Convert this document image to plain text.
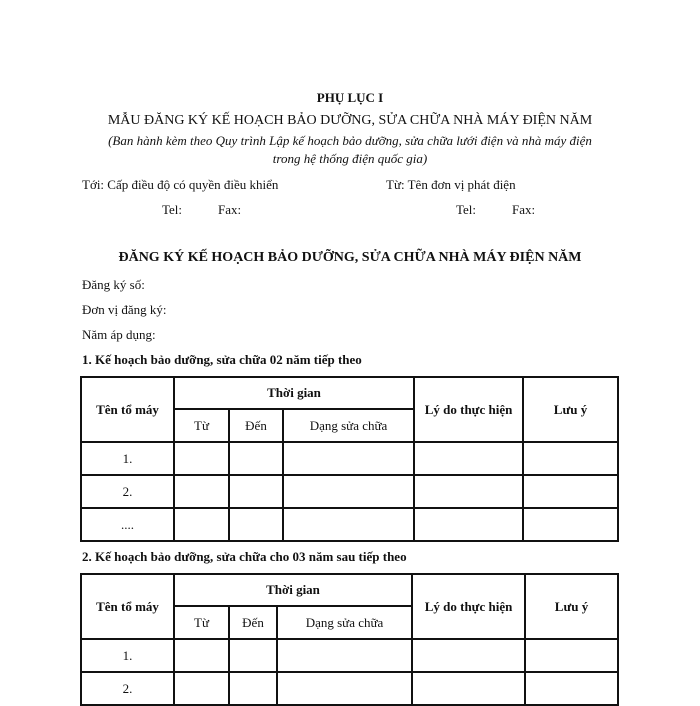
PHỤ LỤC I
MẪU ĐĂNG KÝ KẾ HOẠCH BẢO DƯỠNG, SỬA CHỮA NHÀ MÁY ĐIỆN NĂM
(Ban hành kèm theo Quy trình Lập kế hoạch bảo dưỡng, sửa chữa lưới điện và nhà máy điện
trong hệ thống điện quốc gia)
Tới: Cấp điều độ có quyền điều khiển	Từ: Tên đơn vị phát điện
Tel:	Fax:	Tel:	Fax:
ĐĂNG KÝ KẾ HOẠCH BẢO DƯỠNG, SỬA CHỮA NHÀ MÁY ĐIỆN NĂM
Đăng ký số:
Đơn vị đăng ký:
Năm áp dụng:
1. Kế hoạch bảo dưỡng, sửa chữa 02 năm tiếp theo
Tên tổ máy	Thời gian			Lý do thực hiện	Lưu ý
	Từ	Đến	Dạng sửa chữa		
1.					
2.					
....					
2. Kế hoạch bảo dưỡng, sửa chữa cho 03 năm sau tiếp theo
Tên tổ máy	Thời gian			Lý do thực hiện	Lưu ý
	Từ	Đến	Dạng sửa chữa		
1.					
2.					
